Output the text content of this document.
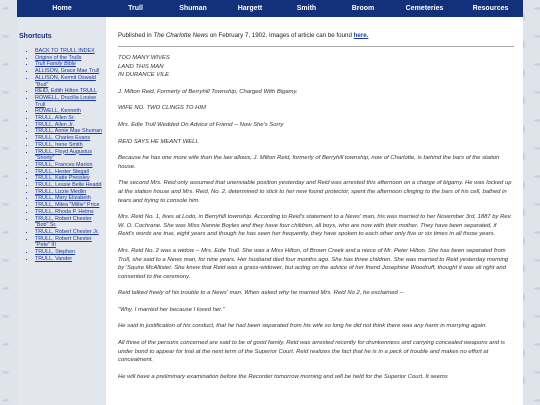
Home	Trull	Shuman	Hargett	Smith	Broom	Cemeteries	Resources
Shortcuts
▪ BACK TO TRULL INDEX
▪ Origins of the Trulls
▪ Trull Family Bible
▪ ALLISON, Grace Mae Trull
▪ ALLISON, Kermit Oswald "Bud"
▪ REID, Edith Hilton TRULL
▪ ROWELL, Drucilla Louise Trull
▪ ROWELL, Kenneth
▪ TRULL, Allen Sr.
▪ TRULL, Allen Jr.
▪ TRULL, Annie Mae Shuman
▪ TRULL, Charles Evans
▪ TRULL, Irene Smith
▪ TRULL, Floyd Augustus "Shorty"
▪ TRULL, Frances Marion
▪ TRULL, Hester Stegall
▪ TRULL, Katie Pressley
▪ TRULL, Lessie Belle Headd
▪ TRULL, Lizzie Medlin
▪ TRULL, Mary Elizabeth
▪ TRULL, Milea "Millie" Price
▪ TRULL, Rhoda P. Helms
▪ TRULL, Robert Chester "Bob" Sr.
▪ TRULL, Robert Chester Jr.
▪ TRULL, Robert Chester "Pete" III
▪ TRULL, Stephen
▪ TRULL, Vander

Published in The Charlotte News on February 7, 1902. Images of article can be found here.

TOO MANY WIVES

LAND THIS MAN

IN DURANCE VILE

J. Milton Reid, Formerly of Berryhill Township, Charged With Bigamy.

WIFE NO. TWO CLINGS TO HIM

Mrs. Edie Trull Wedded On Advice of Friend -- Now She's Sorry

REID SAYS HE MEANT WELL

Because he has one more wife than the law allows, J. Milton Reid, formerly of Berryhill township, now of Charlotte, is behind the bars of the station house.

The second Mrs. Reid only assumed that unenviable position yesterday and Reid was arrested this afternoon on a charge of bigamy. He was locked up at the station house and Mrs. Reid, No. 2, determined to stick to her new found protector, spent the afternoon clinging to the bars of his cell, bathed in tears and trying to console him.

Mrs. Reid No. 1, lives at Lodo, in Berryhill township. According to Reid's statement to a News' man, his was married to her November 3rd, 1887 by Rev. W. O. Cochrane. She was Miss Nannie Boyles and they have four children, all boys, who are now with their mother. They have been separated, if Reid's words are true, eight years and though he has seen her frequently, they have spoken to each other only five or six times in all those years.

Mrs. Reid No. 2 was a widow -- Mrs. Edie Trull. She was a Miss Hilton, of Brown Creek and a niece of Mr. Peter Hilton. She has been separated from Trull, she said to a News man, for nine years. Her husband died four months ago. She has three children. She was married to Reid yesterday morning by 'Squire McAllister. She knew that Reid was a grass-widower, but acting on the advice of her friend Josephine Woodruff, thought it was all right and consented to the ceremony.

Reid talked freely of his trouble to a News' man. When asked why he married Mrs. Reid No 2, he exclaimed --

"Why, I married her because I loved her."

He said in justification of his conduct, that he had been separated from his wife so long he did not think there was any harm in marrying again.

All three of the persons concerned are said to be of good family. Reid was arrested recently for drunkenness and carrying concealed weapons and is under bond to appear for trial at the next term of the Superior Court. Reid realizes the fact that he is in a peck of trouble and makes no effort at concealment.

He will have a preliminary examination before the Recorder tomorrow morning and will be held for the Superior Court. It seems
